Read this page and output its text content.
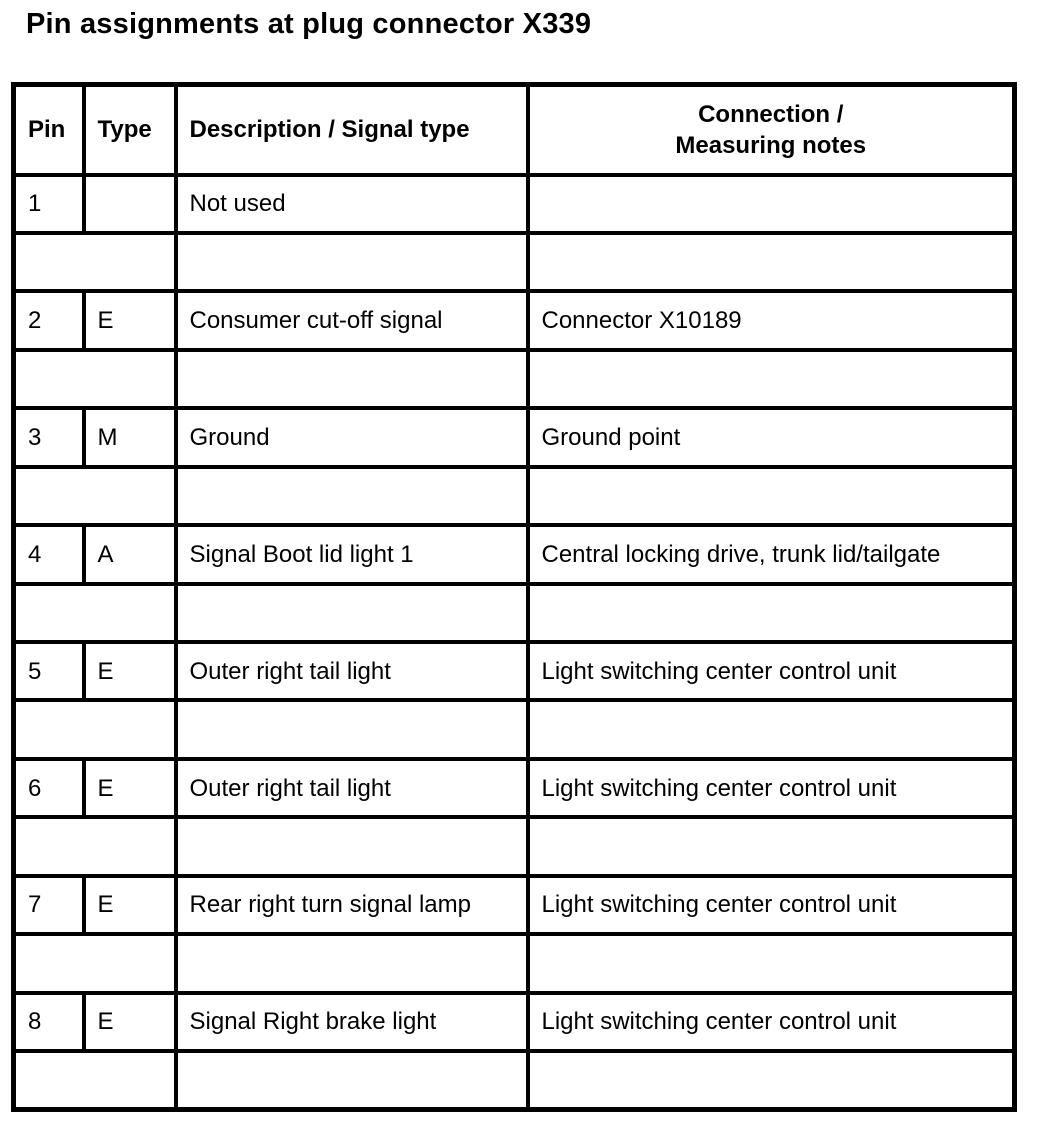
Pin assignments at plug connector X339
Pin	Type	Description / Signal type	Connection /
Measuring notes

1		Not used	

2	E	Consumer cut-off signal	Connector X10189

3	M	Ground	Ground point

4	A	Signal Boot lid light 1	Central locking drive, trunk lid/tailgate

5	E	Outer right tail light	Light switching center control unit

6	E	Outer right tail light	Light switching center control unit

7	E	Rear right turn signal lamp	Light switching center control unit

8	E	Signal Right brake light	Light switching center control unit
